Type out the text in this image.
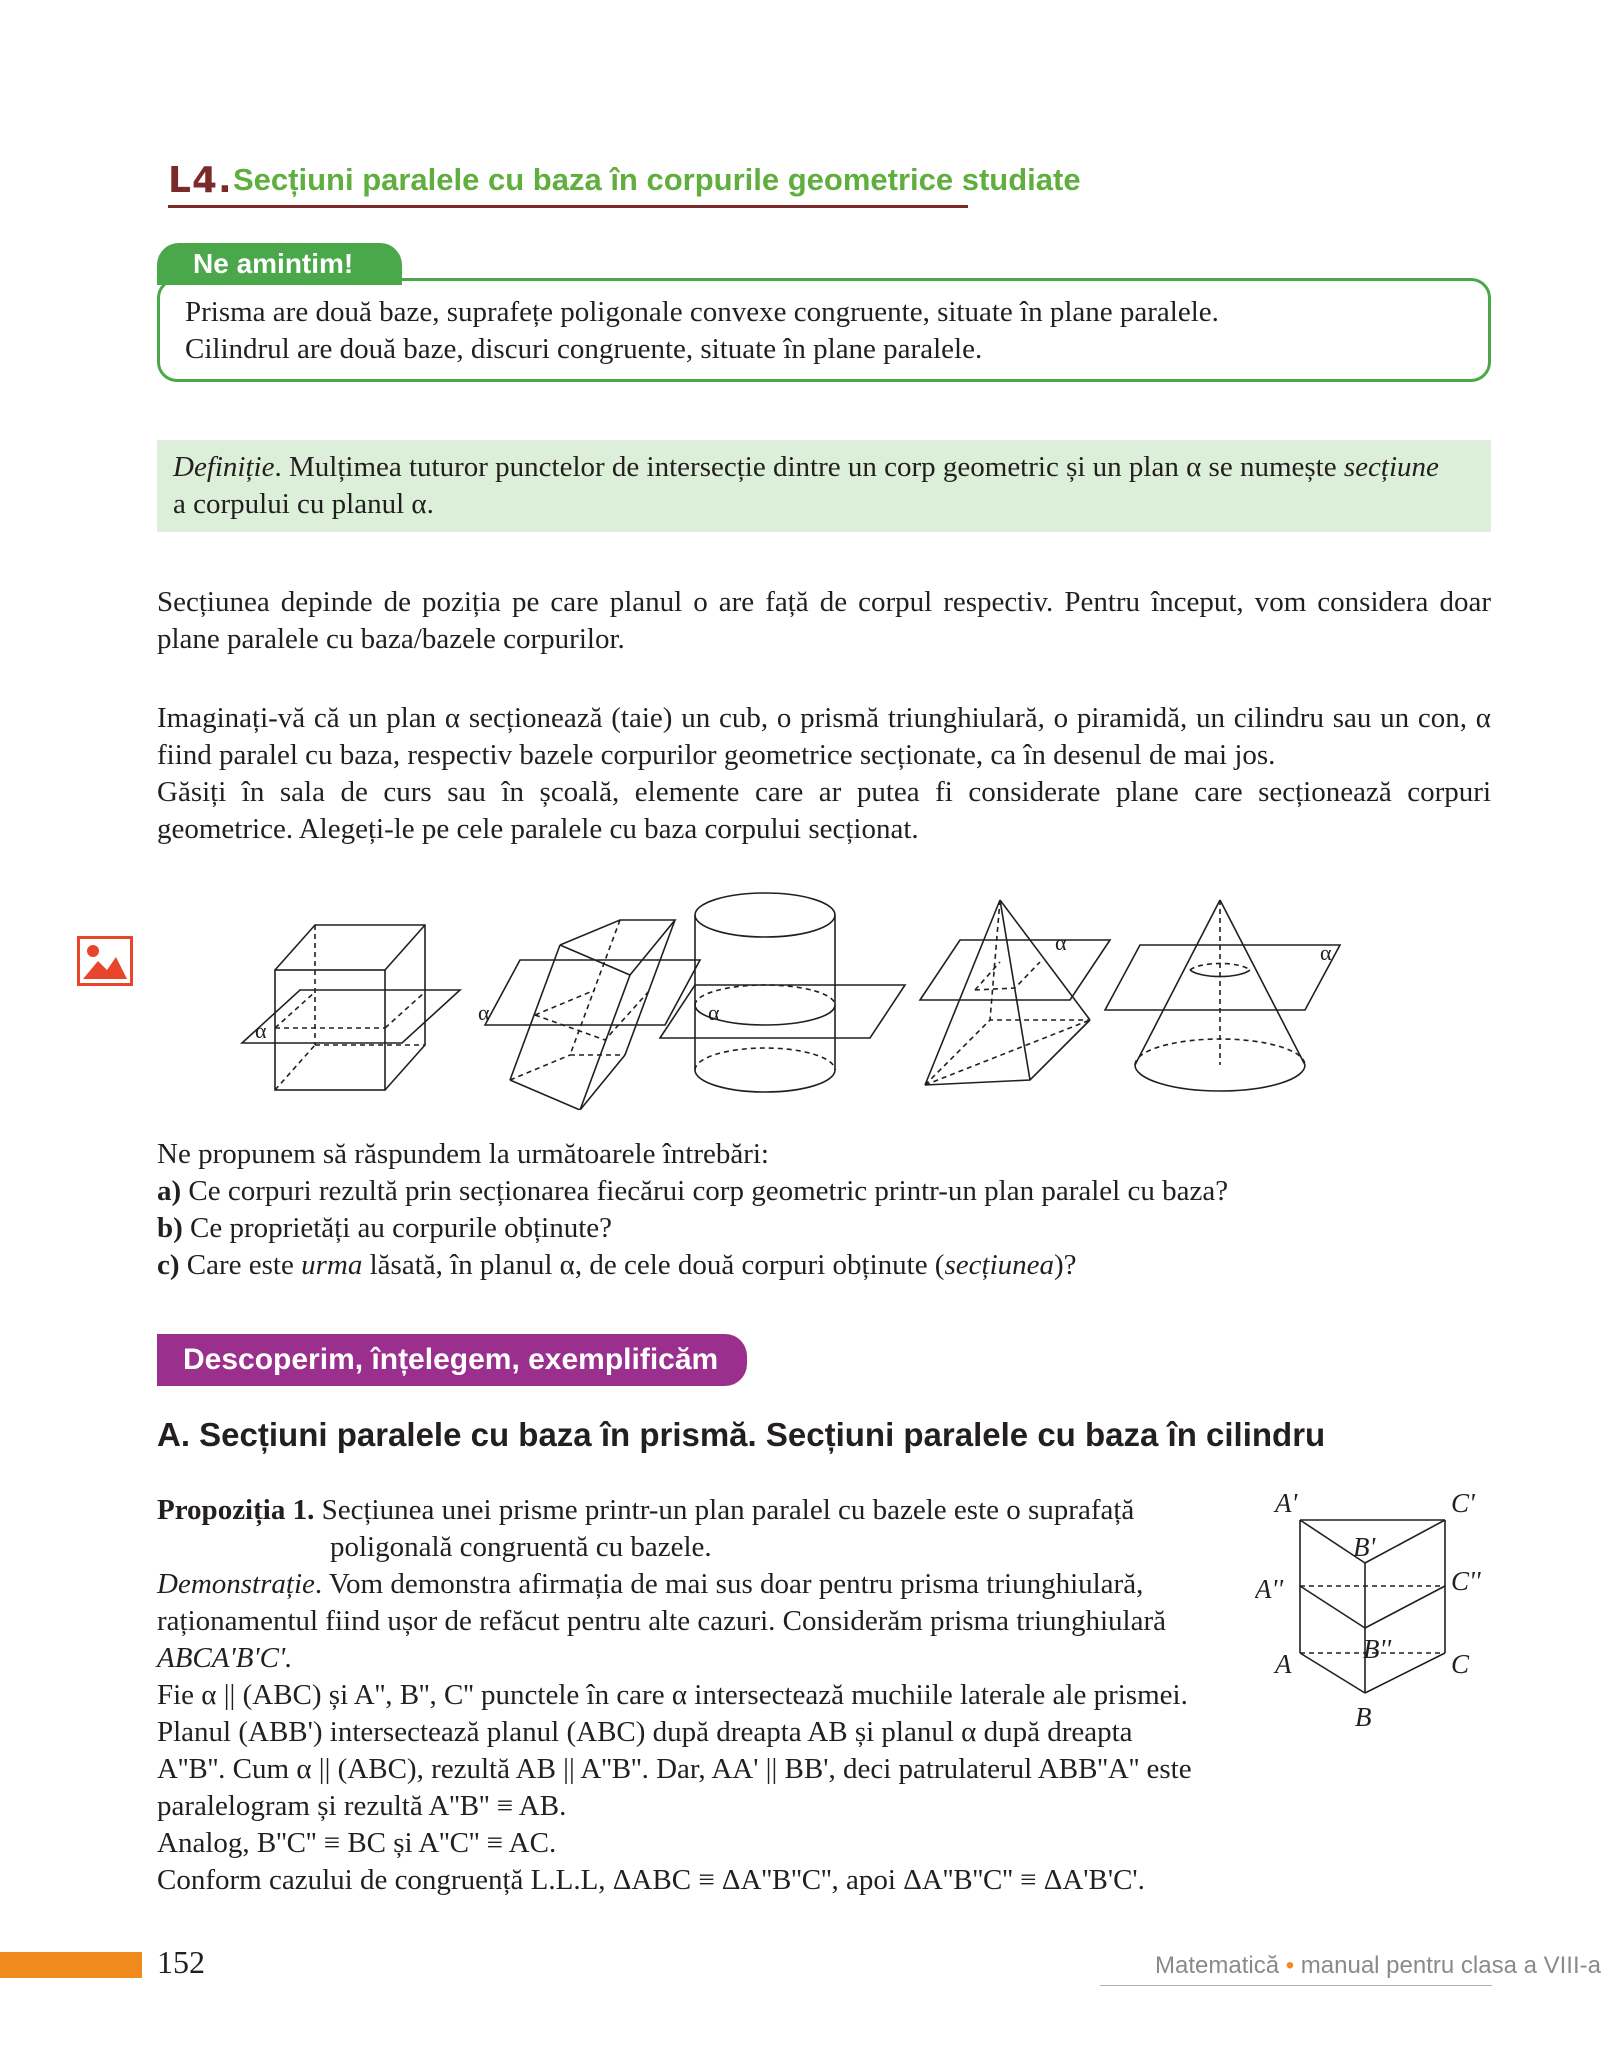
L4. Secțiuni paralele cu baza în corpurile geometrice studiate
Ne amintim!
Prisma are două baze, suprafețe poligonale convexe congruente, situate în plane paralele.
Cilindrul are două baze, discuri congruente, situate în plane paralele.
Definiție. Mulțimea tuturor punctelor de intersecție dintre un corp geometric și un plan α se numește secțiune
a corpului cu planul α.
Secțiunea depinde de poziția pe care planul o are față de corpul respectiv. Pentru început, vom considera doar plane paralele cu baza/bazele corpurilor.
Imaginați-vă că un plan α secționează (taie) un cub, o prismă triunghiulară, o piramidă, un cilindru sau un con, α fiind paralel cu baza, respectiv bazele corpurilor geometrice secționate, ca în desenul de mai jos.
Găsiți în sala de curs sau în școală, elemente care ar putea fi considerate plane care secționează corpuri geometrice. Alegeți-le pe cele paralele cu baza corpului secționat.
α
α	α
α	α
Ne propunem să răspundem la următoarele întrebări:
a) Ce corpuri rezultă prin secționarea fiecărui corp geometric printr-un plan paralel cu baza?
b) Ce proprietăți au corpurile obținute?
c) Care este urma lăsată, în planul α, de cele două corpuri obținute (secțiunea)?
Descoperim, înțelegem, exemplificăm
A. Secțiuni paralele cu baza în prismă. Secțiuni paralele cu baza în cilindru
Propoziția 1. Secțiunea unei prisme printr-un plan paralel cu bazele este o suprafață
poligonală congruentă cu bazele.
Demonstrație. Vom demonstra afirmația de mai sus doar pentru prisma triunghiulară,
raționamentul fiind ușor de refăcut pentru alte cazuri. Considerăm prisma triunghiulară
ABCA'B'C'.
Fie α || (ABC) și A'', B'', C'' punctele în care α intersectează muchiile laterale ale prismei.
Planul (ABB') intersectează planul (ABC) după dreapta AB și planul α după dreapta
A''B''. Cum α || (ABC), rezultă AB || A''B''. Dar, AA' || BB', deci patrulaterul ABB''A'' este
paralelogram și rezultă A''B'' ≡ AB.
Analog, B''C'' ≡ BC și A''C'' ≡ AC.
Conform cazului de congruență L.L.L, ΔABC ≡ ΔA''B''C'', apoi ΔA''B''C'' ≡ ΔA'B'C'.
A'	C'
B'
A''	C''
B''
A	C
B
152	Matematică • manual pentru clasa a VIII-a
